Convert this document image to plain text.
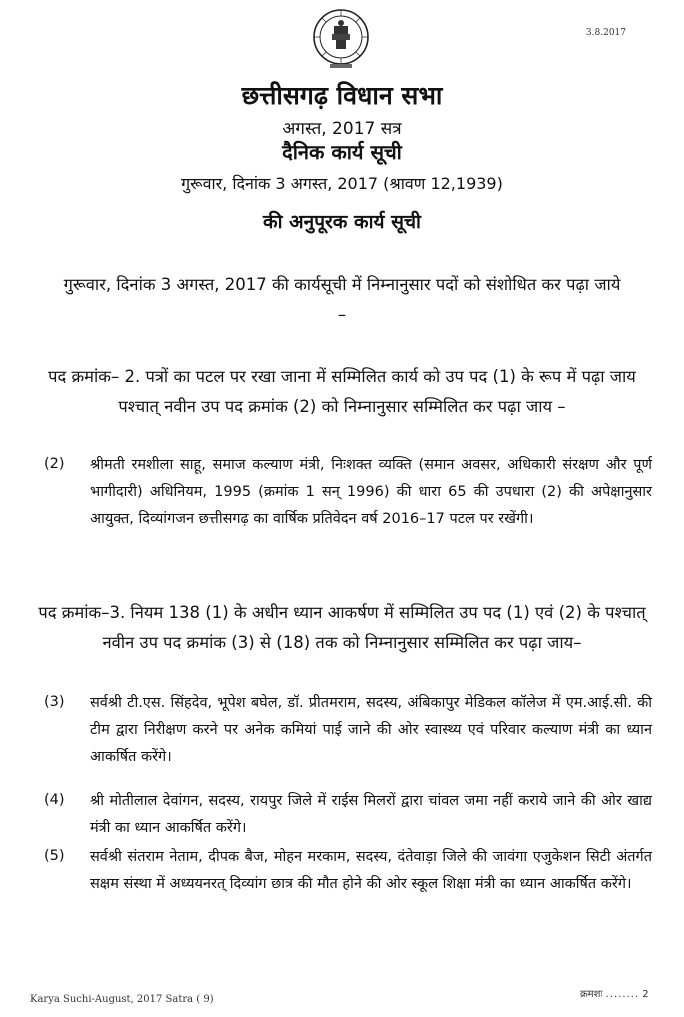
3.8.2017
छत्तीसगढ़ विधान सभा
अगस्त, 2017 सत्र
दैनिक कार्य सूची
गुरूवार, दिनांक 3 अगस्त, 2017 (श्रावण 12,1939)
की अनुपूरक कार्य सूची
गुरूवार, दिनांक 3 अगस्त, 2017 की कार्यसूची में निम्नानुसार पदों को संशोधित कर पढ़ा जाये –
पद क्रमांक– 2. पत्रों का पटल पर रखा जाना में सम्मिलित कार्य को उप पद (1) के रूप में पढ़ा जाय पश्चात् नवीन उप पद क्रमांक (2) को निम्नानुसार सम्मिलित कर पढ़ा जाय –
(2) श्रीमती रमशीला साहू, समाज कल्याण मंत्री, निःशक्त व्यक्ति (समान अवसर, अधिकारी संरक्षण और पूर्ण भागीदारी) अधिनियम, 1995 (क्रमांक 1 सन् 1996) की धारा 65 की उपधारा (2) की अपेक्षानुसार आयुक्त, दिव्यांगजन छत्तीसगढ़ का वार्षिक प्रतिवेदन वर्ष 2016–17 पटल पर रखेंगी।
पद क्रमांक–3. नियम 138 (1) के अधीन ध्यान आकर्षण में सम्मिलित उप पद (1) एवं (2) के पश्चात् नवीन उप पद क्रमांक (3) से (18) तक को निम्नानुसार सम्मिलित कर पढ़ा जाय–
(3) सर्वश्री टी.एस. सिंहदेव, भूपेश बघेल, डॉ. प्रीतमराम, सदस्य, अंबिकापुर मेडिकल कॉलेज में एम.आई.सी. की टीम द्वारा निरीक्षण करने पर अनेक कमियां पाई जाने की ओर स्वास्थ्य एवं परिवार कल्याण मंत्री का ध्यान आकर्षित करेंगे।
(4) श्री मोतीलाल देवांगन, सदस्य, रायपुर जिले में राईस मिलरों द्वारा चांवल जमा नहीं कराये जाने की ओर खाद्य मंत्री का ध्यान आकर्षित करेंगे।
(5) सर्वश्री संतराम नेताम, दीपक बैज, मोहन मरकाम, सदस्य, दंतेवाड़ा जिले की जावंगा एजुकेशन सिटी अंतर्गत सक्षम संस्था में अध्ययनरत् दिव्यांग छात्र की मौत होने की ओर स्कूल शिक्षा मंत्री का ध्यान आकर्षित करेंगे।
Karya Suchi-August, 2017 Satra ( 9)	क्रमशः ........ 2
